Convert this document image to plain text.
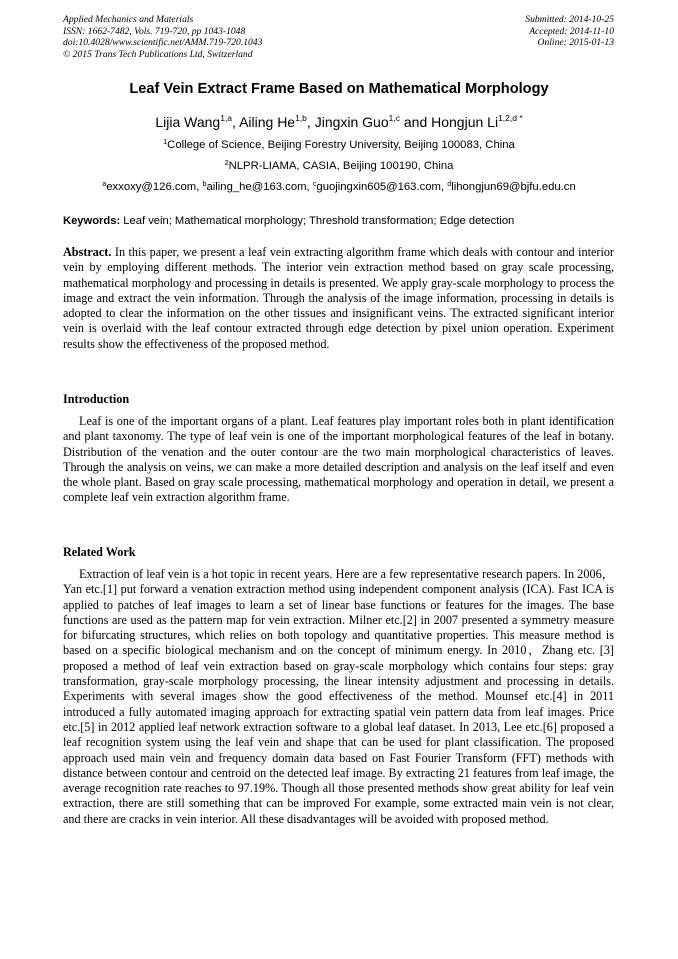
Applied Mechanics and Materials
ISSN: 1662-7482, Vols. 719-720, pp 1043-1048
doi:10.4028/www.scientific.net/AMM.719-720.1043
© 2015 Trans Tech Publications Ltd, Switzerland
Submitted: 2014-10-25
Accepted: 2014-11-10
Online: 2015-01-13
Leaf Vein Extract Frame Based on Mathematical Morphology
Lijia Wang$^{1,a}$, Ailing He$^{1,b}$, Jingxin Guo$^{1,c}$ and Hongjun $Li^{1,2,d *}$
$^1$College of Science, Beijing Forestry University, Beijing 100083, China
$^2$NLPR-LIAMA, CASIA, Beijing 100190, China
$^a$exxoxy@126.com, $^b$ailing_he@163.com, $^c$guojingxin605@163.com, $^d$lihongjun69@bjfu.edu.cn
Keywords: Leaf vein; Mathematical morphology; Threshold transformation; Edge detection

Abstract. In this paper, we present a leaf vein extracting algorithm frame which deals with contour and interior vein by employing different methods. The interior vein extraction method based on gray scale processing, mathematical morphology and processing in details is presented. We apply gray-scale morphology to process the image and extract the vein information. Through the analysis of the image information, processing in details is adopted to clear the information on the other tissues and insignificant veins. The extracted significant interior vein is overlaid with the leaf contour extracted through edge detection by pixel union operation. Experiment results show the effectiveness of the proposed method.

Introduction

Leaf is one of the important organs of a plant. Leaf features play important roles both in plant identification and plant taxonomy. The type of leaf vein is one of the important morphological features of the leaf in botany. Distribution of the venation and the outer contour are the two main morphological characteristics of leaves. Through the analysis on veins, we can make a more detailed description and analysis on the leaf itself and even the whole plant. Based on gray scale processing, mathematical morphology and operation in detail, we present a complete leaf vein extraction algorithm frame.

Related Work

Extraction of leaf vein is a hot topic in recent years. Here are a few representative research papers. In 2006，Yan etc.[1] put forward a venation extraction method using independent component analysis (ICA). Fast ICA is applied to patches of leaf images to learn a set of linear base functions or features for the images. The base functions are used as the pattern map for vein extraction. Milner etc.[2] in 2007 presented a symmetry measure for bifurcating structures, which relies on both topology and quantitative properties. This measure method is based on a specific biological mechanism and on the concept of minimum energy. In 2010，Zhang etc. [3] proposed a method of leaf vein extraction based on gray-scale morphology which contains four steps: gray transformation, gray-scale morphology processing, the linear intensity adjustment and processing in details. Experiments with several images show the good effectiveness of the method. Mounsef etc.[4] in 2011 introduced a fully automated imaging approach for extracting spatial vein pattern data from leaf images. Price etc.[5] in 2012 applied leaf network extraction software to a global leaf dataset. In 2013, Lee etc.[6] proposed a leaf recognition system using the leaf vein and shape that can be used for plant classification. The proposed approach used main vein and frequency domain data based on Fast Fourier Transform (FFT) methods with distance between contour and centroid on the detected leaf image. By extracting 21 features from leaf image, the average recognition rate reaches to 97.19%. Though all those presented methods show great ability for leaf vein extraction, there are still something that can be improved For example, some extracted main vein is not clear, and there are cracks in vein interior. All these disadvantages will be avoided with proposed method.
